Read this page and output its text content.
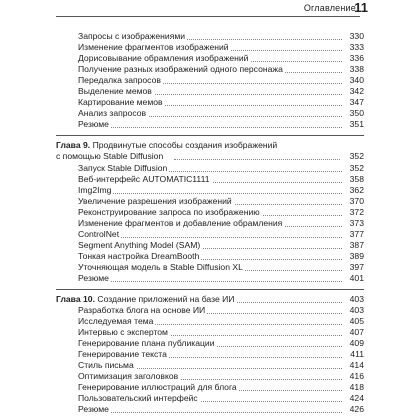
Оглавление
11
Запросы с изображениями	330
Изменение фрагментов изображений	333
Дорисовывание обрамления изображений	336
Получение разных изображений одного персонажа	338
Передалка запросов	340
Выделение мемов	342
Картирование мемов	347
Анализ запросов	350
Резюме	351
Глава 9. Продвинутые способы создания изображений
с помощью Stable Diffusion	352
Запуск Stable Diffusion	352
Веб-интерфейс AUTOMATIC1111	358
Img2Img	362
Увеличение разрешения изображений	370
Реконструирование запроса по изображению	372
Изменение фрагментов и добавление обрамления	373
ControlNet	377
Segment Anything Model (SAM)	387
Тонкая настройка DreamBooth	389
Уточняющая модель в Stable Diffusion XL	397
Резюме	401
Глава 10. Создание приложений на базе ИИ	403
Разработка блога на основе ИИ	403
Исследуемая тема	405
Интервью с экспертом	407
Генерирование плана публикации	409
Генерирование текста	411
Стиль письма	414
Оптимизация заголовков	416
Генерирование иллюстраций для блога	418
Пользовательский интерфейс	424
Резюме	426
